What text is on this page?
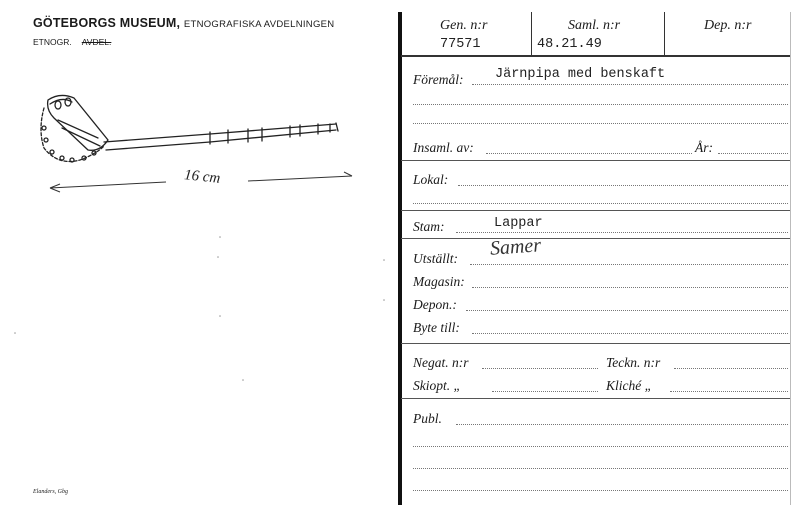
GÖTEBORGS MUSEUM, ETNOGRAFISKA AVDELNINGEN
ETNOGR. AVDEL.
16 cm
Elanders, Gbg
Gen. n:r
77571
Saml. n:r
48.21.49
Dep. n:r
Föremål: Järnpipa med benskaft
Insaml. av:	År:
Lokal:
Stam:	Lappar
Utställt: Samer
Magasin:
Depon.:
Byte till:
Negat. n:r	Teckn. n:r
Skiopt. „	Kliché „
Publ.
